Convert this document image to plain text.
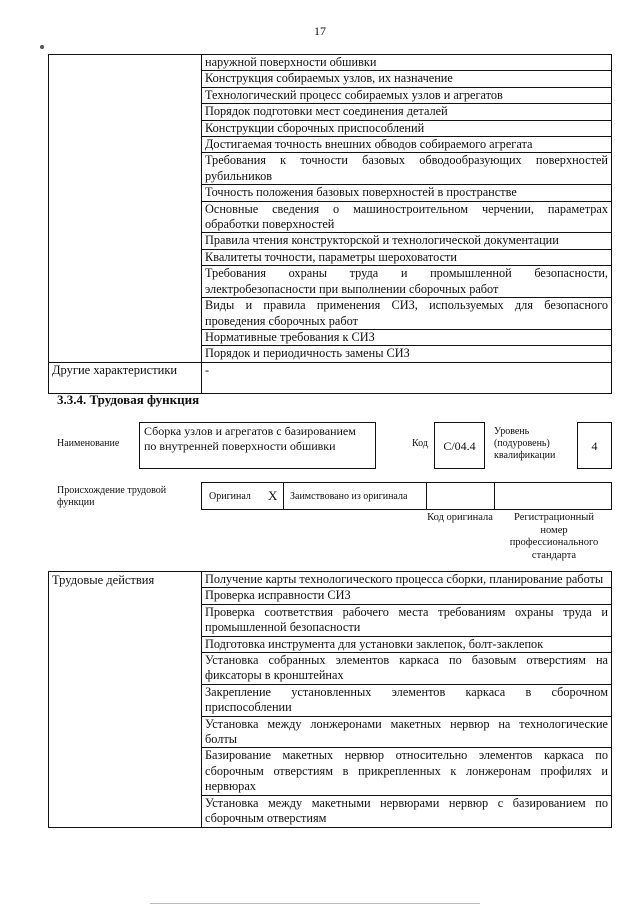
17
	наружной поверхности обшивки
	Конструкция собираемых узлов, их назначение
	Технологический процесс собираемых узлов и агрегатов
	Порядок подготовки мест соединения деталей
	Конструкции сборочных приспособлений
	Достигаемая точность внешних обводов собираемого агрегата
	Требования к точности базовых обводообразующих поверхностей рубильников
	Точность положения базовых поверхностей в пространстве
	Основные сведения о машиностроительном черчении, параметрах обработки поверхностей
	Правила чтения конструкторской и технологической документации
	Квалитеты точности, параметры шероховатости
	Требования охраны труда и промышленной безопасности, электробезопасности при выполнении сборочных работ
	Виды и правила применения СИЗ, используемых для безопасного проведения сборочных работ
	Нормативные требования к СИЗ
	Порядок и периодичность замены СИЗ
Другие характеристики	-
3.3.4. Трудовая функция
Наименование
Сборка узлов и агрегатов с базированием по внутренней поверхности обшивки	Код	С/04.4
Уровень (подуровень) квалификации
4
Происхождение трудовой функции
Оригинал X Заимствовано из оригинала
Код оригинала	Регистрационный номер профессионального стандарта
Трудовые действия	Получение карты технологического процесса сборки, планирование работы
Проверка исправности СИЗ
Проверка соответствия рабочего места требованиям охраны труда и промышленной безопасности
Подготовка инструмента для установки заклепок, болт-заклепок
Установка собранных элементов каркаса по базовым отверстиям на фиксаторы в кронштейнах
Закрепление установленных элементов каркаса в сборочном приспособлении
Установка между лонжеронами макетных нервюр на технологические болты
Базирование макетных нервюр относительно элементов каркаса по сборочным отверстиям в прикрепленных к лонжеронам профилях и нервюрах
Установка между макетными нервюрами нервюр с базированием по сборочным отверстиям
